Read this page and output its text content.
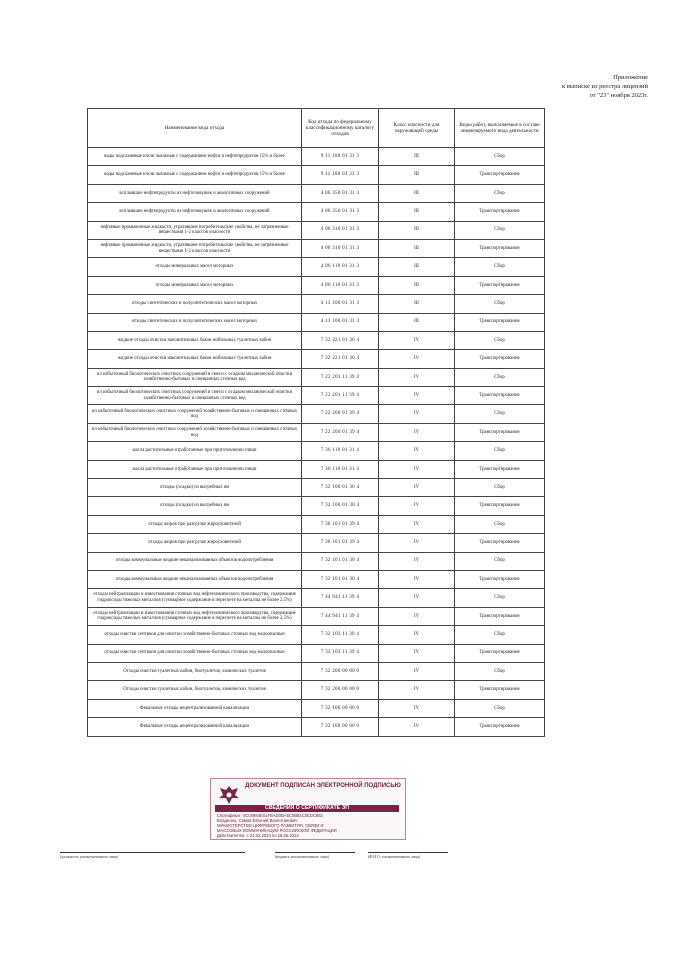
Приложение
к выписке из реестра лицензий
от "23" ноября 2023г.
Наименование вида отхода	Код отхода по федеральному классификационному каталогу отходов	Класс опасности для окружающей среды	Виды работ, выполняемые в составе лицензируемого вида деятельности
воды подсланевые и/или льяльные с содержанием нефти и нефтепродуктов 15% и более	9 11 100 01 31 3	III	Сбор
воды подсланевые и/или льяльные с содержанием нефти и нефтепродуктов 15% и более	9 11 100 01 31 3	III	Транспортирование
всплывшие нефтепродукты из нефтеловушек и аналогичных сооружений	4 06 350 01 31 3	III	Сбор
всплывшие нефтепродукты из нефтеловушек и аналогичных сооружений	4 06 350 01 31 3	III	Транспортирование
нефтяные промывочные жидкости, утратившие потребительские свойства, не загрязненные веществами 1-2 классов опасности	4 06 310 01 31 3	III	Сбор
нефтяные промывочные жидкости, утратившие потребительские свойства, не загрязненные веществами 1-2 классов опасности	4 06 310 01 31 3	III	Транспортирование
отходы минеральных масел моторных	4 06 110 01 31 3	III	Сбор
отходы минеральных масел моторных	4 06 110 01 31 3	III	Транспортирование
отходы синтетических и полусинтетических масел моторных	4 13 100 01 31 3	III	Сбор
отходы синтетических и полусинтетических масел моторных	4 13 100 01 31 3	III	Транспортирование
жидкие отходы очистки накопительных баков мобильных туалетных кабин	7 32 221 01 30 4	IV	Сбор
жидкие отходы очистки накопительных баков мобильных туалетных кабин	7 32 221 01 30 4	IV	Транспортирование
ил избыточный биологических очистных сооружений в смеси с осадком механической очистки хозяйственно-бытовых и смешанных сточных вод	7 22 201 11 39 4	IV	Сбор
ил избыточный биологических очистных сооружений в смеси с осадком механической очистки хозяйственно-бытовых и смешанных сточных вод	7 22 201 11 39 4	IV	Транспортирование
ил избыточный биологических очистных сооружений хозяйственно-бытовых и смешанных сточных вод	7 22 200 01 39 4	IV	Сбор
ил избыточный биологических очистных сооружений хозяйственно-бытовых и смешанных сточных вод	7 22 200 01 39 4	IV	Транспортирование
масла растительные отработанные при приготовлении пищи	7 36 110 01 31 4	IV	Сбор
масла растительные отработанные при приготовлении пищи	7 36 110 01 31 4	IV	Транспортирование
отходы (осадки) из выгребных ям	7 32 100 01 30 4	IV	Сбор
отходы (осадки) из выгребных ям	7 32 100 01 30 4	IV	Транспортирование
отходы жиров при разгрузке жироуловителей	7 36 101 01 39 4	IV	Сбор
отходы жиров при разгрузке жироуловителей	7 36 101 01 39 4	IV	Транспортирование
отходы коммунальные жидкие неканализованных объектов водопотребления	7 32 101 01 30 4	IV	Сбор
отходы коммунальные жидкие неканализованных объектов водопотребления	7 32 101 01 30 4	IV	Транспортирование
отходы нейтрализации и известкования сточных вод нефтехимического производства, содержащие гидроксиды тяжелых металлов (суммарное содержание в пересчете на металлы не более 2,5%)	7 44 941 11 39 4	IV	Сбор
отходы нейтрализации и известкования сточных вод нефтехимического производства, содержащие гидроксиды тяжелых металлов (суммарное содержание в пересчете на металлы не более 2,5%)	7 44 941 11 39 4	IV	Транспортирование
отходы очистки септиков для очистки хозяйственно-бытовых сточных вод малоопасные	7 32 103 11 39 4	IV	Сбор
отходы очистки септиков для очистки хозяйственно-бытовых сточных вод малоопасные	7 32 103 11 39 4	IV	Транспортирование
Отходы очистки туалетных кабин, биотуалетов, химических туалетов	7 32 200 00 00 0	IV	Сбор
Отходы очистки туалетных кабин, биотуалетов, химических туалетов	7 32 200 00 00 0	IV	Транспортирование
Фекальные отходы нецентрализованной канализации	7 32 100 00 00 0	IV	Сбор
Фекальные отходы нецентрализованной канализации	7 32 100 00 00 0	IV	Транспортирование
ДОКУМЕНТ ПОДПИСАН ЭЛЕКТРОННОЙ ПОДПИСЬЮ
СВЕДЕНИЯ О СЕРТИФИКАТЕ ЭП
Сертификат: 4C00984E01FBAD0BA6C0B84C0EDC862
Владелец: Сомов Евгений Валентинович
МИНИСТЕРСТВО ЦИФРОВОГО РАЗВИТИЯ, СВЯЗИ И
МАССОВЫХ КОММУНИКАЦИЙ РОССИЙСКОЙ ФЕДЕРАЦИИ
Действителен: с 21.02.2023 по 16.05.2024
(должность уполномоченного лица)	(подпись уполномоченного лица)	(Ф.И.О. уполномоченного лица)
